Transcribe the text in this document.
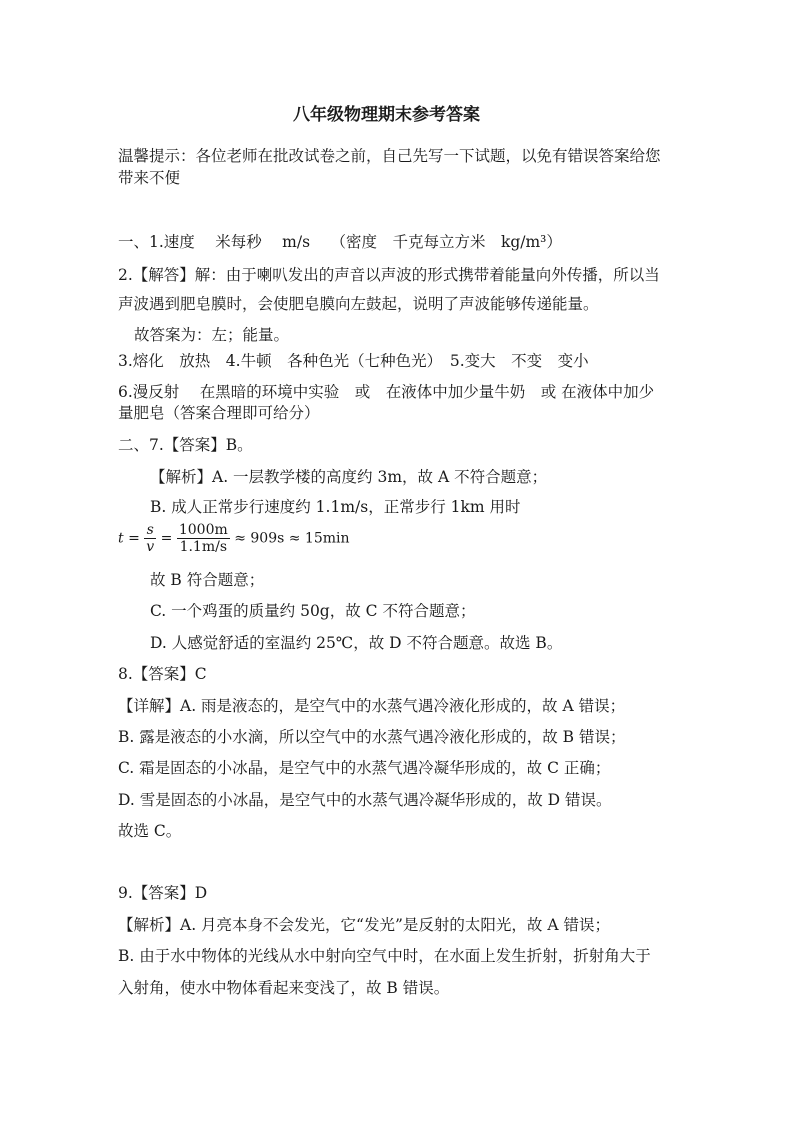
八年级物理期末参考答案
温馨提示：各位老师在批改试卷之前，自己先写一下试题，以免有错误答案给您
带来不便
一、1.速度　 米每秒　 m/s　 （密度　千克每立方米　kg/m³）
2.【解答】解：由于喇叭发出的声音以声波的形式携带着能量向外传播，所以当
声波遇到肥皂膜时，会使肥皂膜向左鼓起，说明了声波能够传递能量。
故答案为：左；能量。
3.熔化　放热　4.牛顿　各种色光（七种色光）　5.变大　不变　变小
6.漫反射　 在黑暗的环境中实验　或　在液体中加少量牛奶　或 在液体中加少
量肥皂（答案合理即可给分）
二、7.【答案】B。
【解析】A. 一层教学楼的高度约 3m，故 A 不符合题意；
B. 成人正常步行速度约 1.1m/s，正常步行 1km 用时
$t = \frac{s}{v} = \frac{1000m}{1.1m/s} \approx 909s \approx 15\min$
故 B 符合题意；
C. 一个鸡蛋的质量约 50g，故 C 不符合题意；
D. 人感觉舒适的室温约 25℃，故 D 不符合题意。故选 B。
8.【答案】C
【详解】A. 雨是液态的，是空气中的水蒸气遇冷液化形成的，故 A 错误；
B. 露是液态的小水滴，所以空气中的水蒸气遇冷液化形成的，故 B 错误；
C. 霜是固态的小冰晶，是空气中的水蒸气遇冷凝华形成的，故 C 正确；
D. 雪是固态的小冰晶，是空气中的水蒸气遇冷凝华形成的，故 D 错误。
故选 C。
9.【答案】D
【解析】A. 月亮本身不会发光，它“发光”是反射的太阳光，故 A 错误；
B. 由于水中物体的光线从水中射向空气中时，在水面上发生折射，折射角大于
入射角，使水中物体看起来变浅了，故 B 错误。
